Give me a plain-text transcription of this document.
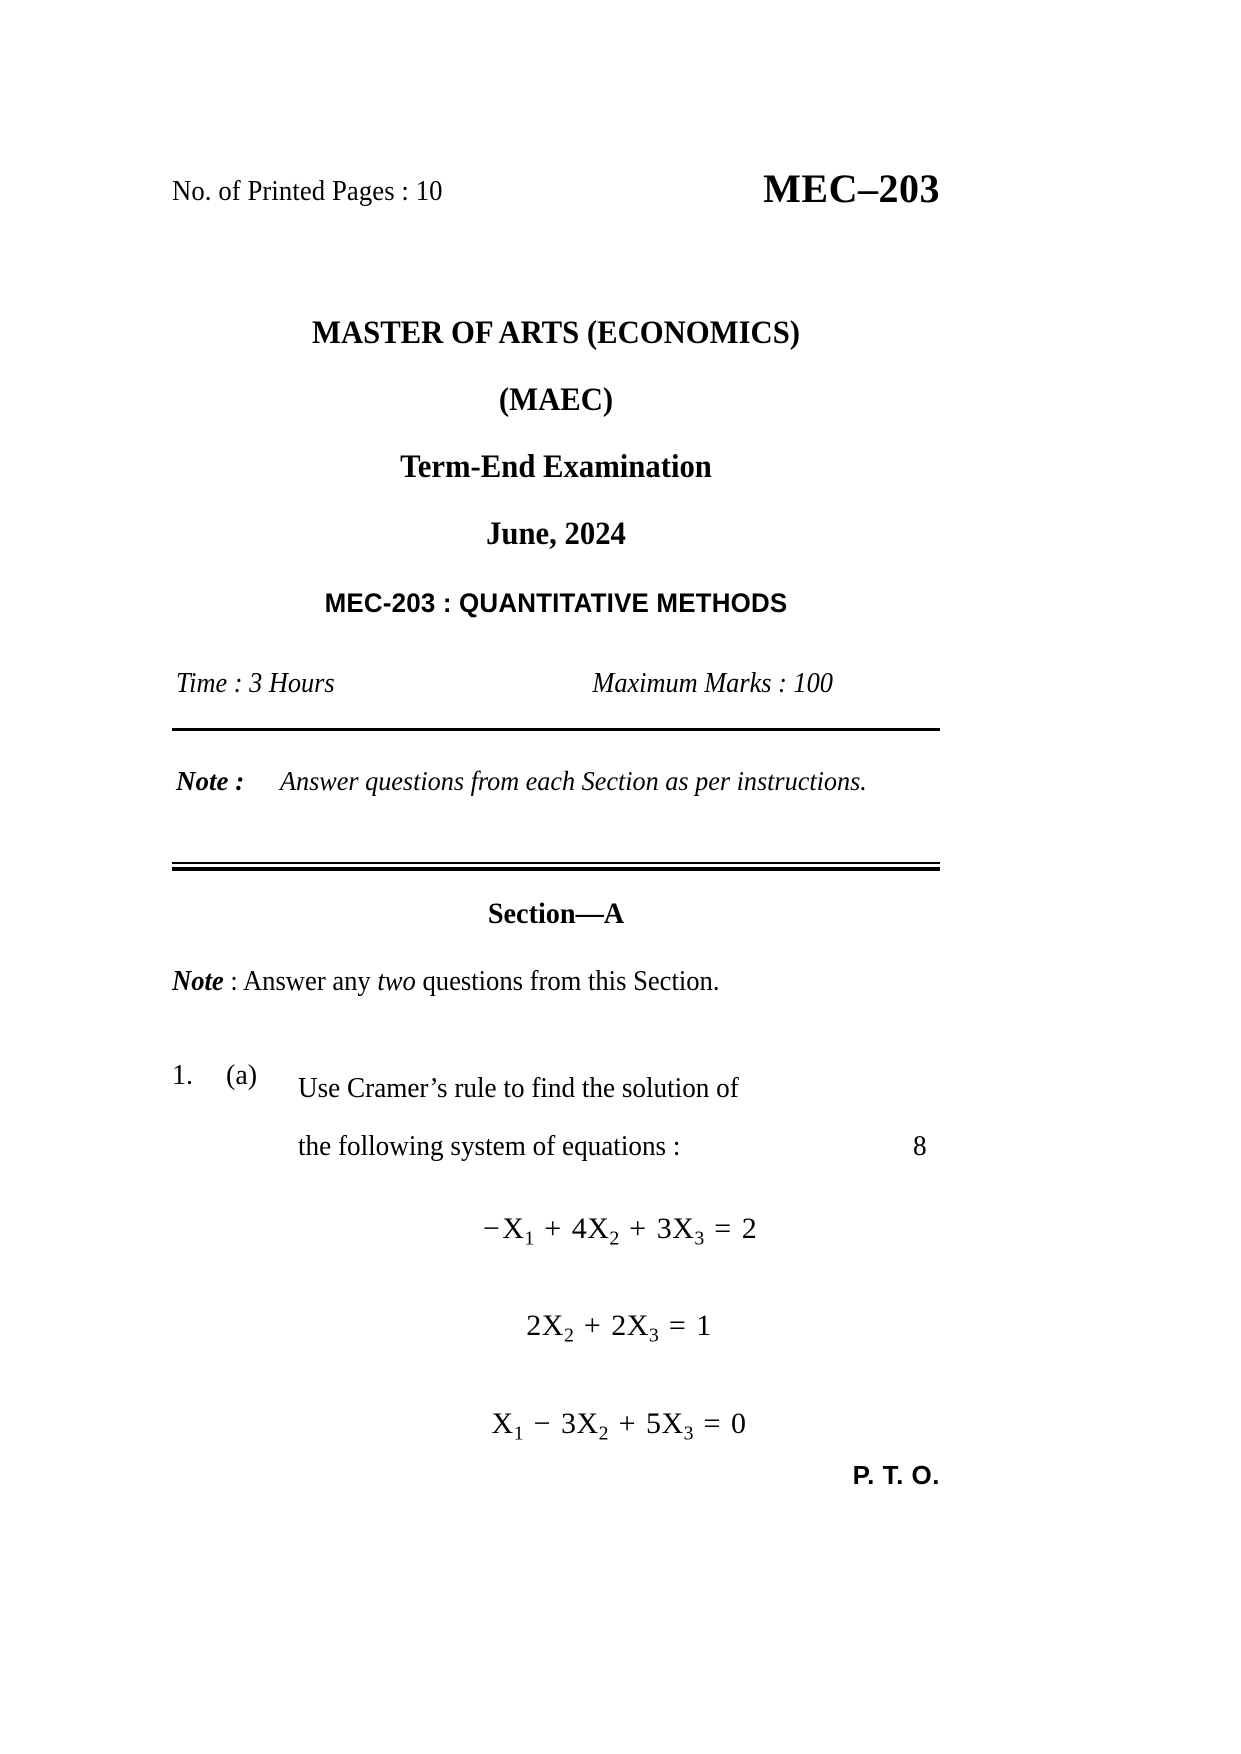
No. of Printed Pages : 10	MEC–203
MASTER OF ARTS (ECONOMICS)
(MAEC)
Term-End Examination
June, 2024
MEC-203 : QUANTITATIVE METHODS
Time : 3 Hours	Maximum Marks : 100
Note : Answer questions from each Section as per instructions.
Section—A
Note : Answer any two questions from this Section.
1. (a) Use Cramer’s rule to find the solution of
the following system of equations :	8
$-X_1 + 4X_2 + 3X_3 = 2$
$2X_2 + 2X_3 = 1$
$X_1 - 3X_2 + 5X_3 = 0$
P. T. O.
